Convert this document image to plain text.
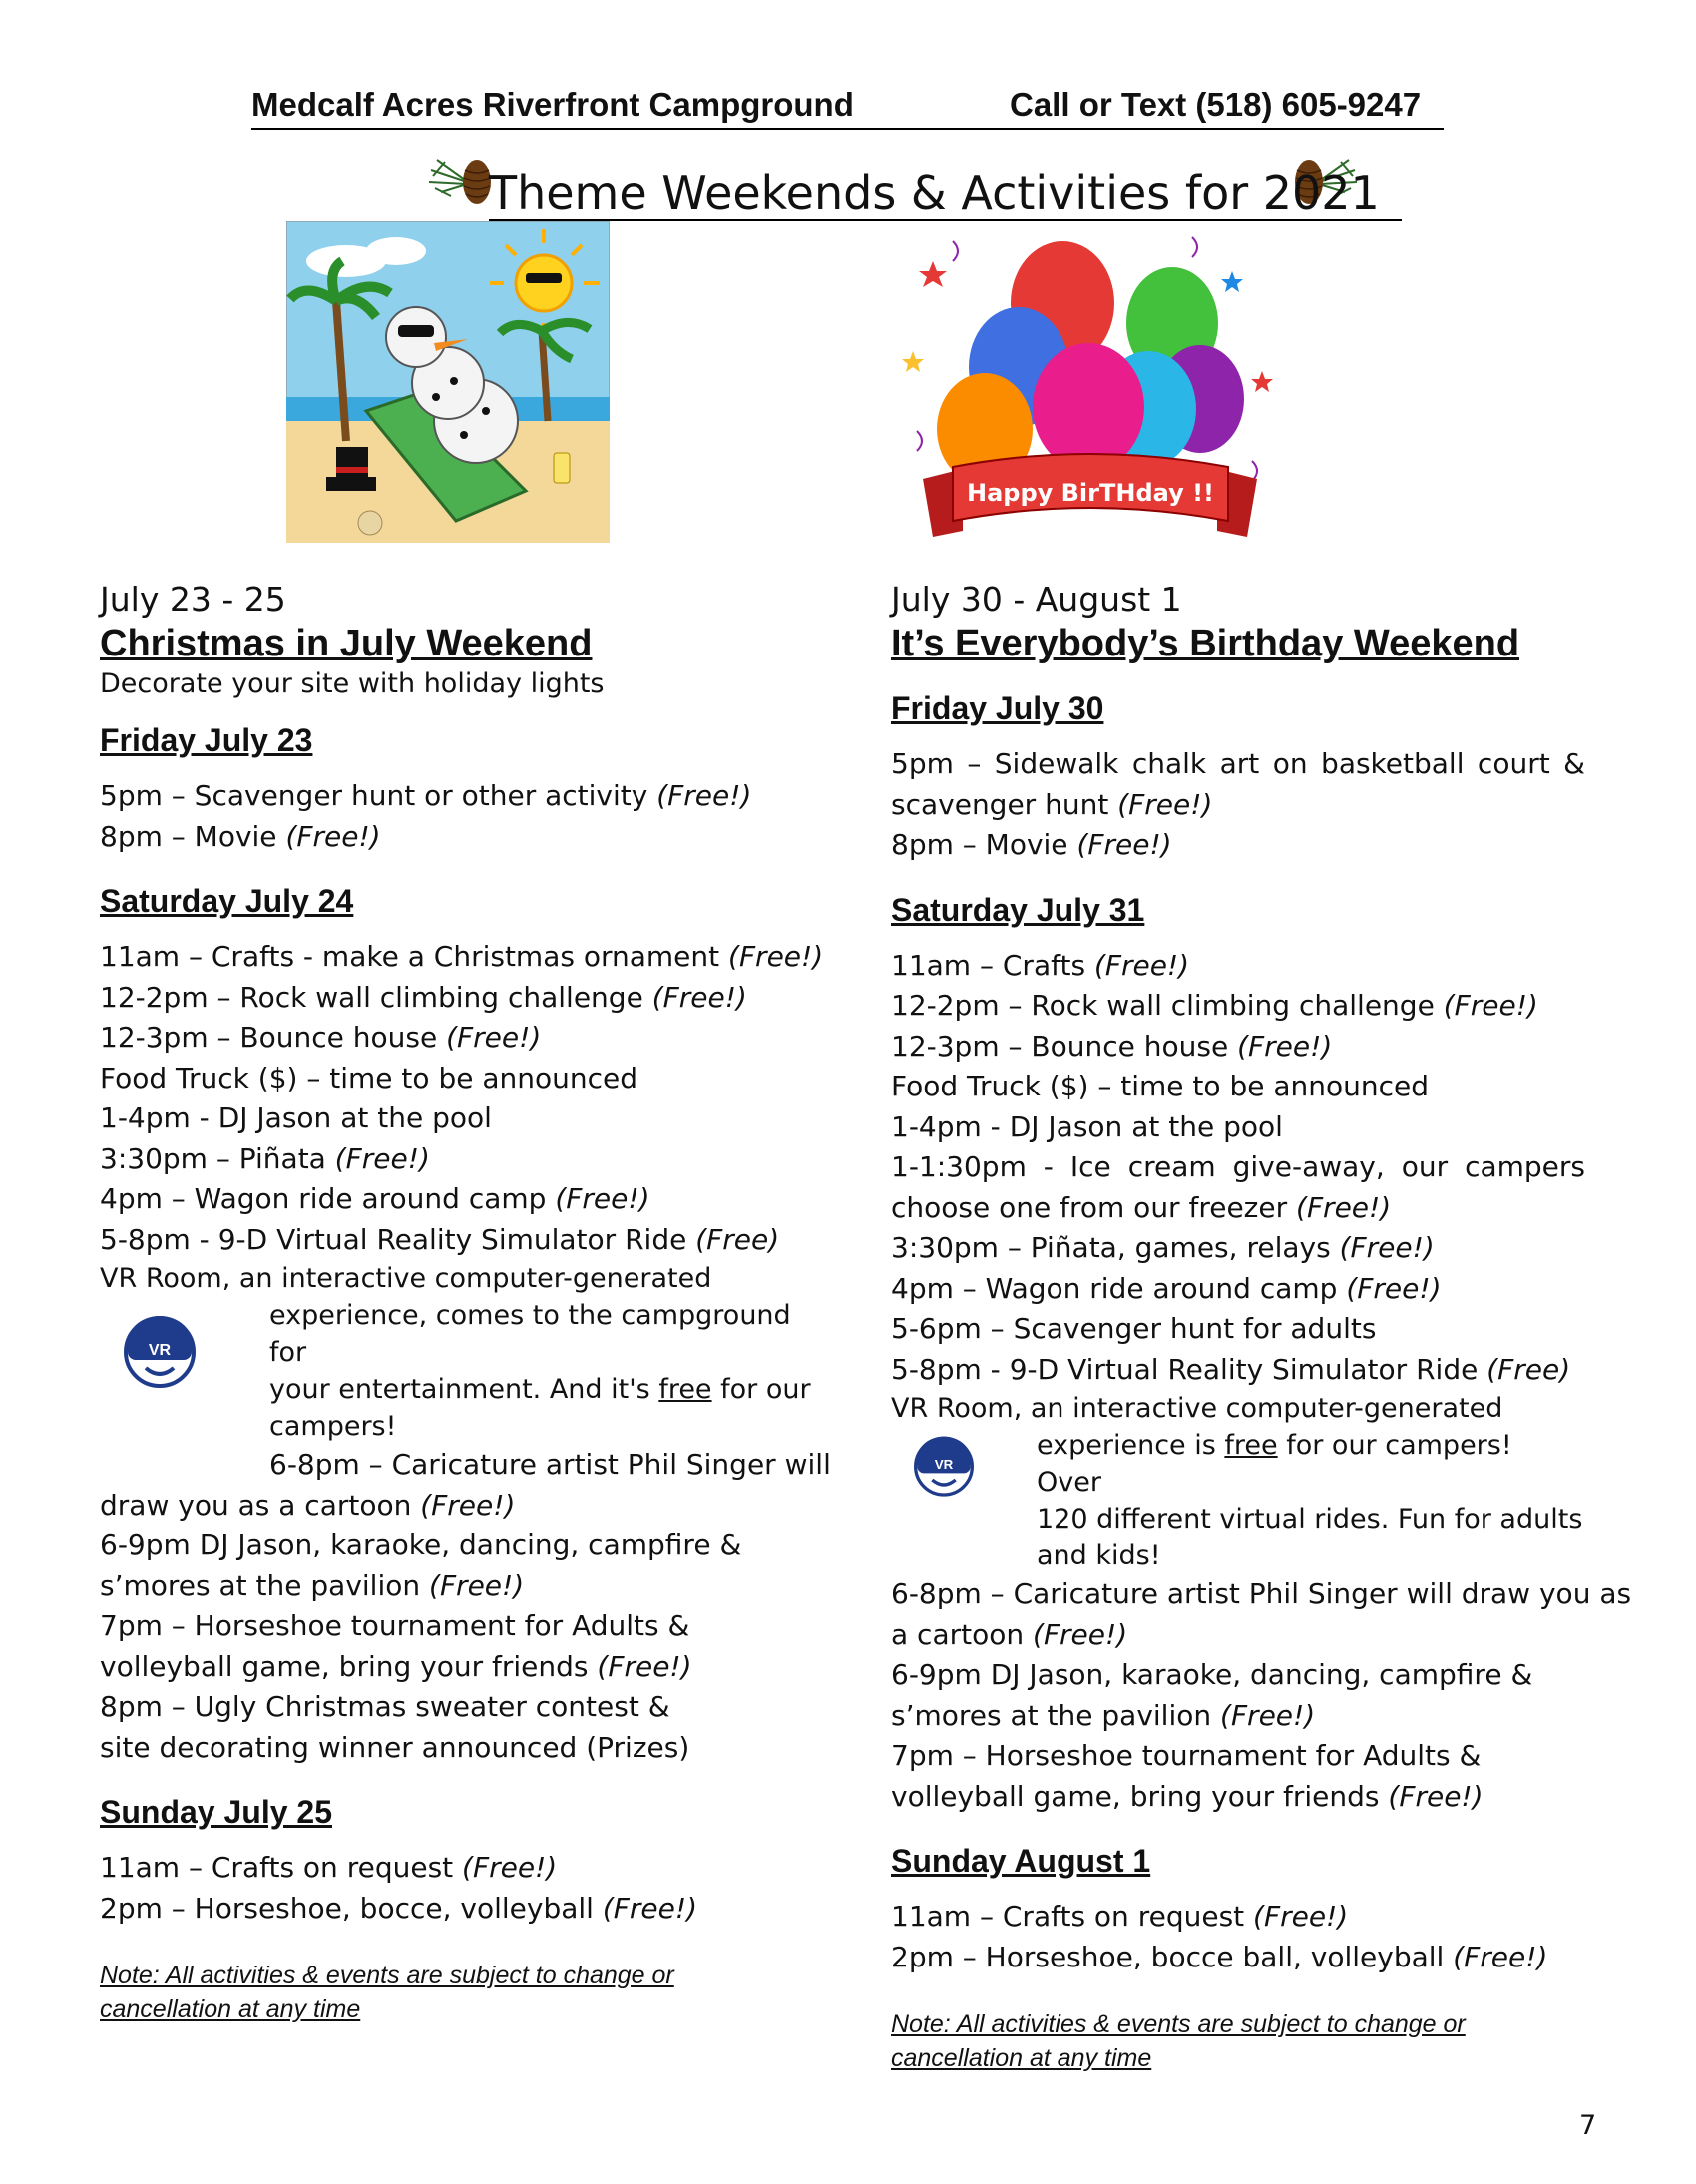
Medcalf Acres Riverfront Campground	Call or Text (518) 605-9247
Theme Weekends & Activities for 2021
Happy BirTHday !!
July 23 - 25
Christmas in July Weekend
Decorate your site with holiday lights
Friday July 23
5pm – Scavenger hunt or other activity (Free!)
8pm – Movie (Free!)
Saturday July 24
11am – Crafts - make a Christmas ornament (Free!)
12-2pm – Rock wall climbing challenge (Free!)
12-3pm – Bounce house (Free!)
Food Truck ($) – time to be announced
1-4pm - DJ Jason at the pool
3:30pm – Piñata (Free!)
4pm – Wagon ride around camp (Free!)
5-8pm - 9-D Virtual Reality Simulator Ride (Free)
VR Room, an interactive computer-generated
VR
experience, comes to the campground for
your entertainment. And it's free for our
campers!
6-8pm – Caricature artist Phil Singer will
draw you as a cartoon (Free!)
6-9pm DJ Jason, karaoke, dancing, campfire &
s’mores at the pavilion (Free!)
7pm – Horseshoe tournament for Adults &
volleyball game, bring your friends (Free!)
8pm – Ugly Christmas sweater contest &
site decorating winner announced (Prizes)
Sunday July 25
11am – Crafts on request (Free!)
2pm – Horseshoe, bocce, volleyball (Free!)
Note: All activities & events are subject to change or cancellation at any time
July 30 - August 1
It’s Everybody’s Birthday Weekend
Friday July 30
5pm – Sidewalk chalk art on basketball court & scavenger hunt (Free!)
8pm – Movie (Free!)
Saturday July 31
11am – Crafts (Free!)
12-2pm – Rock wall climbing challenge (Free!)
12-3pm – Bounce house (Free!)
Food Truck ($) – time to be announced
1-4pm - DJ Jason at the pool
1-1:30pm - Ice cream give-away, our campers choose one from our freezer (Free!)
3:30pm – Piñata, games, relays (Free!)
4pm – Wagon ride around camp (Free!)
5-6pm – Scavenger hunt for adults
5-8pm - 9-D Virtual Reality Simulator Ride (Free)
VR Room, an interactive computer-generated
VR
experience is free for our campers! Over
120 different virtual rides. Fun for adults
and kids!
6-8pm – Caricature artist Phil Singer will draw you as
a cartoon (Free!)
6-9pm DJ Jason, karaoke, dancing, campfire &
s’mores at the pavilion (Free!)
7pm – Horseshoe tournament for Adults &
volleyball game, bring your friends (Free!)
Sunday August 1
11am – Crafts on request (Free!)
2pm – Horseshoe, bocce ball, volleyball (Free!)
Note: All activities & events are subject to change or cancellation at any time
7
